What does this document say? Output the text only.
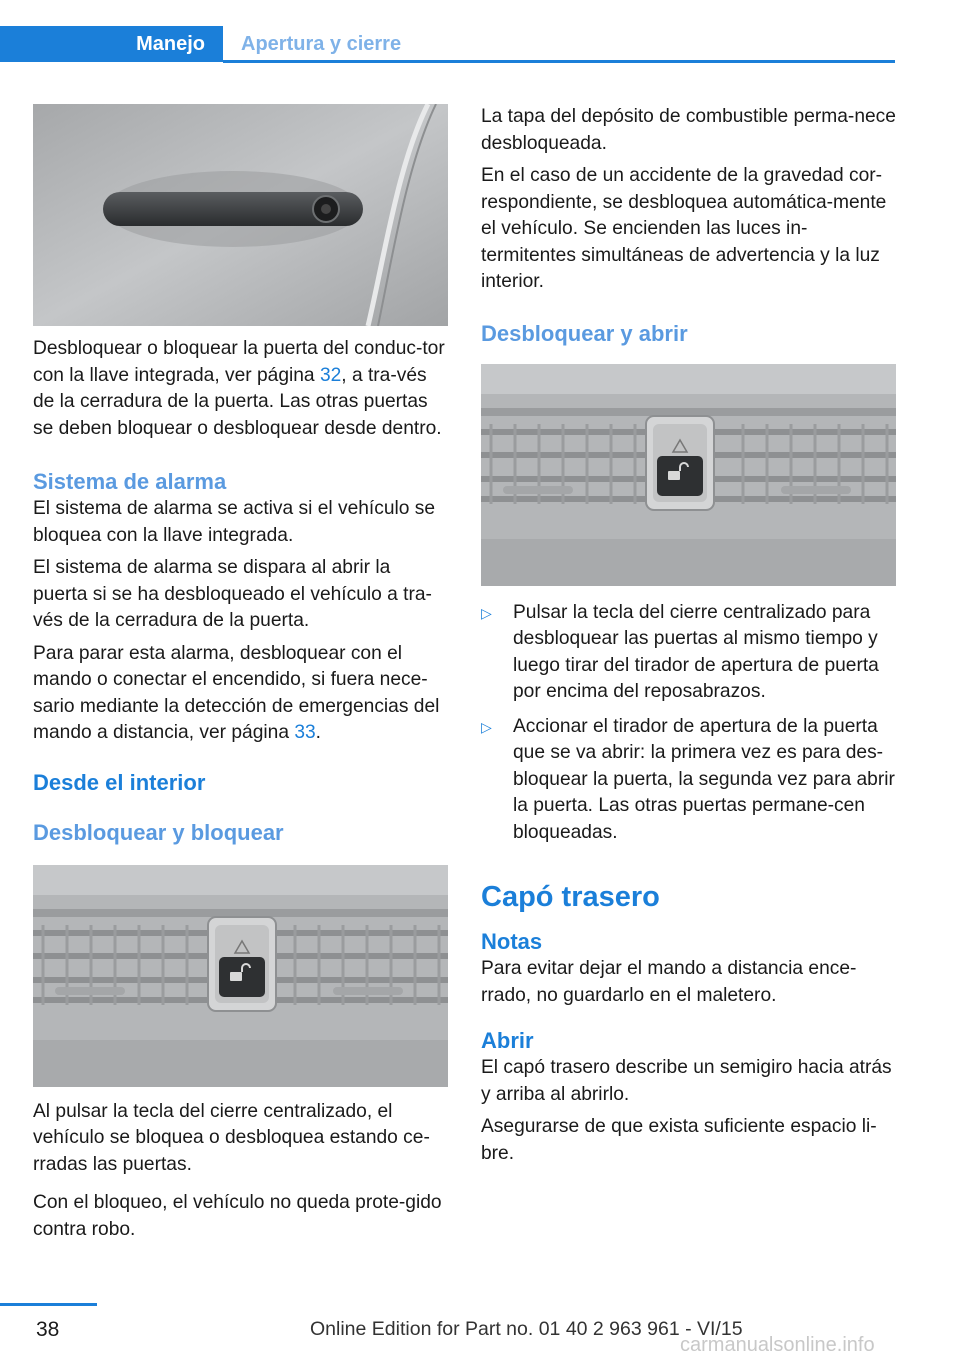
Manejo Apertura y cierre

Desbloquear o bloquear la puerta del conduc-tor con la llave integrada, ver página 32, a tra-vés de la cerradura de la puerta. Las otras puertas se deben bloquear o desbloquear desde dentro.

Sistema de alarma

El sistema de alarma se activa si el vehículo se bloquea con la llave integrada.

El sistema de alarma se dispara al abrir la puerta si se ha desbloqueado el vehículo a tra-vés de la cerradura de la puerta.

Para parar esta alarma, desbloquear con el mando o conectar el encendido, si fuera nece-sario mediante la detección de emergencias del mando a distancia, ver página 33.

Desde el interior
Desbloquear y bloquear

Al pulsar la tecla del cierre centralizado, el vehículo se bloquea o desbloquea estando ce-rradas las puertas.

Con el bloqueo, el vehículo no queda prote-gido contra robo.

La tapa del depósito de combustible perma-nece desbloqueada.

En el caso de un accidente de la gravedad cor-respondiente, se desbloquea automática-mente el vehículo. Se encienden las luces in-termitentes simultáneas de advertencia y la luz interior.

Desbloquear y abrir
▷ Pulsar la tecla del cierre centralizado para desbloquear las puertas al mismo tiempo y luego tirar del tirador de apertura de puerta por encima del reposabrazos.
▷ Accionar el tirador de apertura de la puerta que se va abrir: la primera vez es para des-bloquear la puerta, la segunda vez para abrir la puerta. Las otras puertas permane-cen bloqueadas.
Capó trasero
Notas

Para evitar dejar el mando a distancia ence-rrado, no guardarlo en el maletero.

Abrir

El capó trasero describe un semigiro hacia atrás y arriba al abrirlo.

Asegurarse de que exista suficiente espacio li-bre.

38	Online Edition for Part no. 01 40 2 963 961 - VI/15
carmanualsonline.info
